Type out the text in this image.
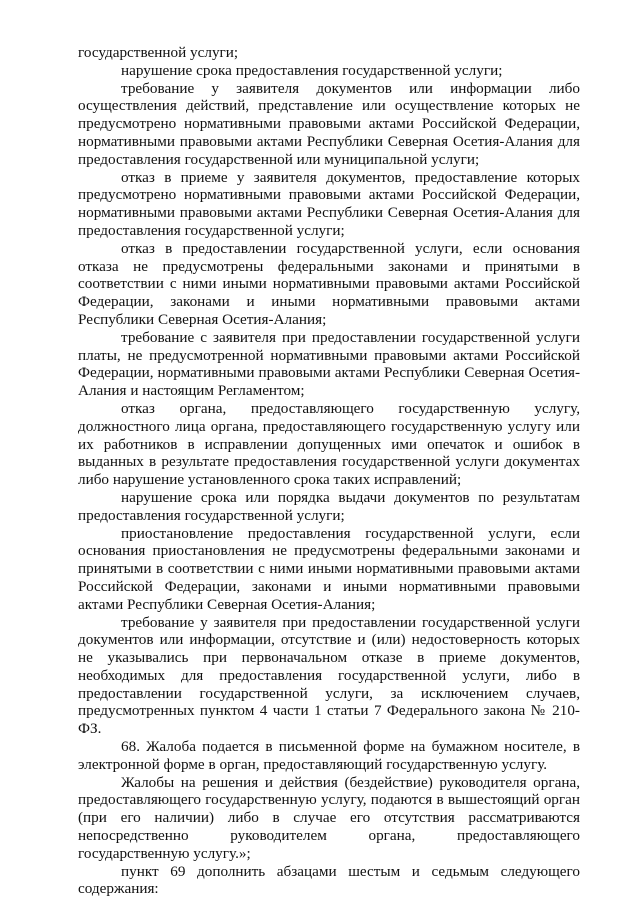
государственной услуги;

нарушение срока предоставления государственной услуги;

требование у заявителя документов или информации либо осуществления действий, представление или осуществление которых не предусмотрено нормативными правовыми актами Российской Федерации, нормативными правовыми актами Республики Северная Осетия-Алания для предоставления государственной или муниципальной услуги;

отказ в приеме у заявителя документов, предоставление которых предусмотрено нормативными правовыми актами Российской Федерации, нормативными правовыми актами Республики Северная Осетия-Алания для предоставления государственной услуги;

отказ в предоставлении государственной услуги, если основания отказа не предусмотрены федеральными законами и принятыми в соответствии с ними иными нормативными правовыми актами Российской Федерации, законами и иными нормативными правовыми актами Республики Северная Осетия-Алания;

требование с заявителя при предоставлении государственной услуги платы, не предусмотренной нормативными правовыми актами Российской Федерации, нормативными правовыми актами Республики Северная Осетия-Алания и настоящим Регламентом;

отказ органа, предоставляющего государственную услугу, должностного лица органа, предоставляющего государственную услугу или их работников в исправлении допущенных ими опечаток и ошибок в выданных в результате предоставления государственной услуги документах либо нарушение установленного срока таких исправлений;

нарушение срока или порядка выдачи документов по результатам предоставления государственной услуги;

приостановление предоставления государственной услуги, если основания приостановления не предусмотрены федеральными законами и принятыми в соответствии с ними иными нормативными правовыми актами Российской Федерации, законами и иными нормативными правовыми актами Республики Северная Осетия-Алания;

требование у заявителя при предоставлении государственной услуги документов или информации, отсутствие и (или) недостоверность которых не указывались при первоначальном отказе в приеме документов, необходимых для предоставления государственной услуги, либо в предоставлении государственной услуги, за исключением случаев, предусмотренных пунктом 4 части 1 статьи 7 Федерального закона № 210-ФЗ.

68. Жалоба подается в письменной форме на бумажном носителе, в электронной форме в орган, предоставляющий государственную услугу.

Жалобы на решения и действия (бездействие) руководителя органа, предоставляющего государственную услугу, подаются в вышестоящий орган (при его наличии) либо в случае его отсутствия рассматриваются непосредственно руководителем органа, предоставляющего государственную услугу.»;

пункт 69 дополнить абзацами шестым и седьмым следующего содержания:
